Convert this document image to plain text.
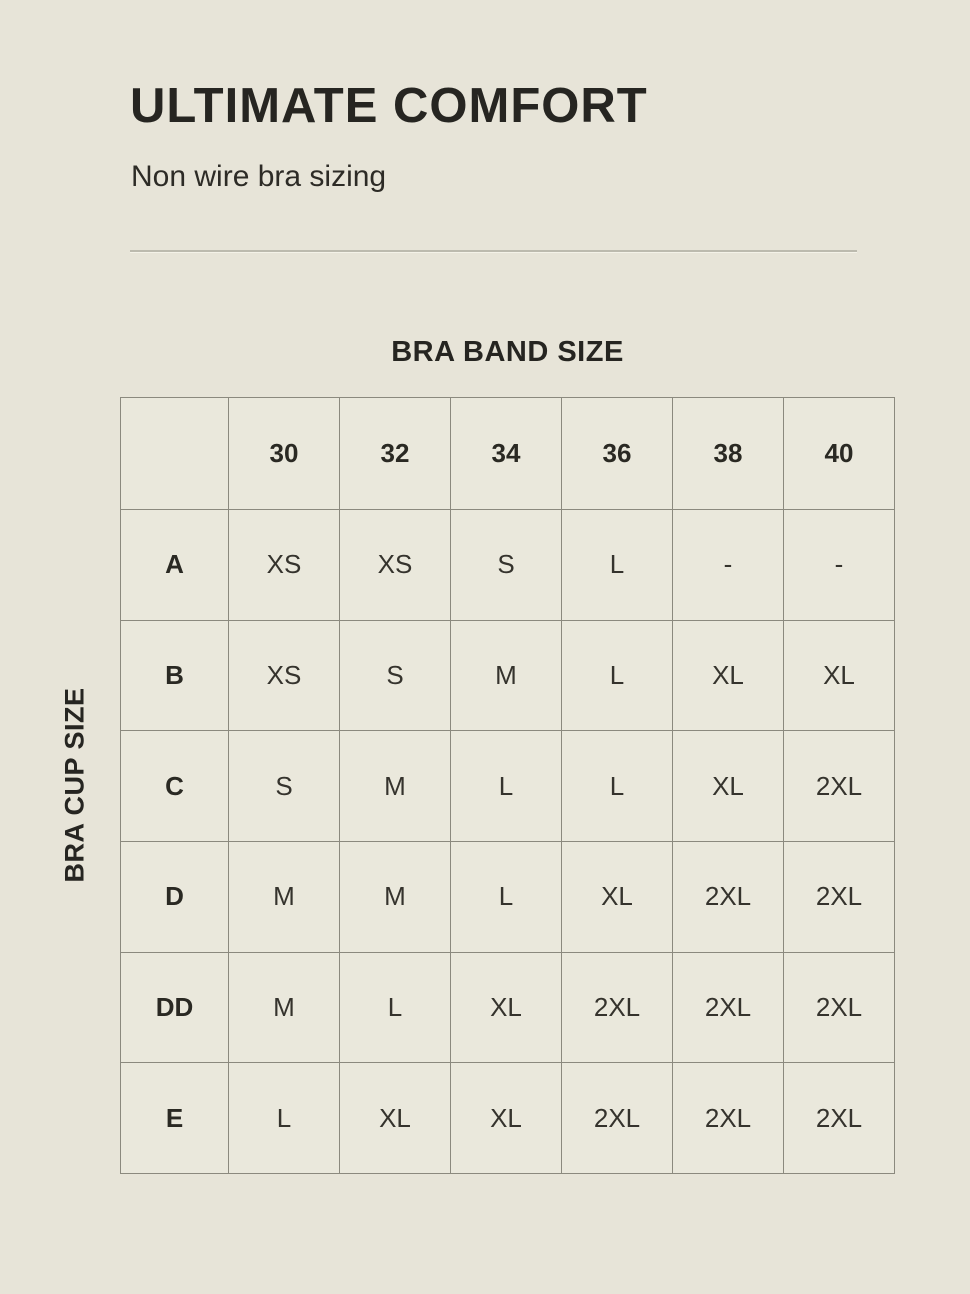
ULTIMATE COMFORT
Non wire bra sizing
BRA BAND SIZE
BRA CUP SIZE
30	32	34	36	38	40
A	XS	XS	S	L	-	-
B	XS	S	M	L	XL	XL
C	S	M	L	L	XL	2XL
D	M	M	L	XL	2XL	2XL
DD	M	L	XL	2XL	2XL	2XL
E	L	XL	XL	2XL	2XL	2XL
